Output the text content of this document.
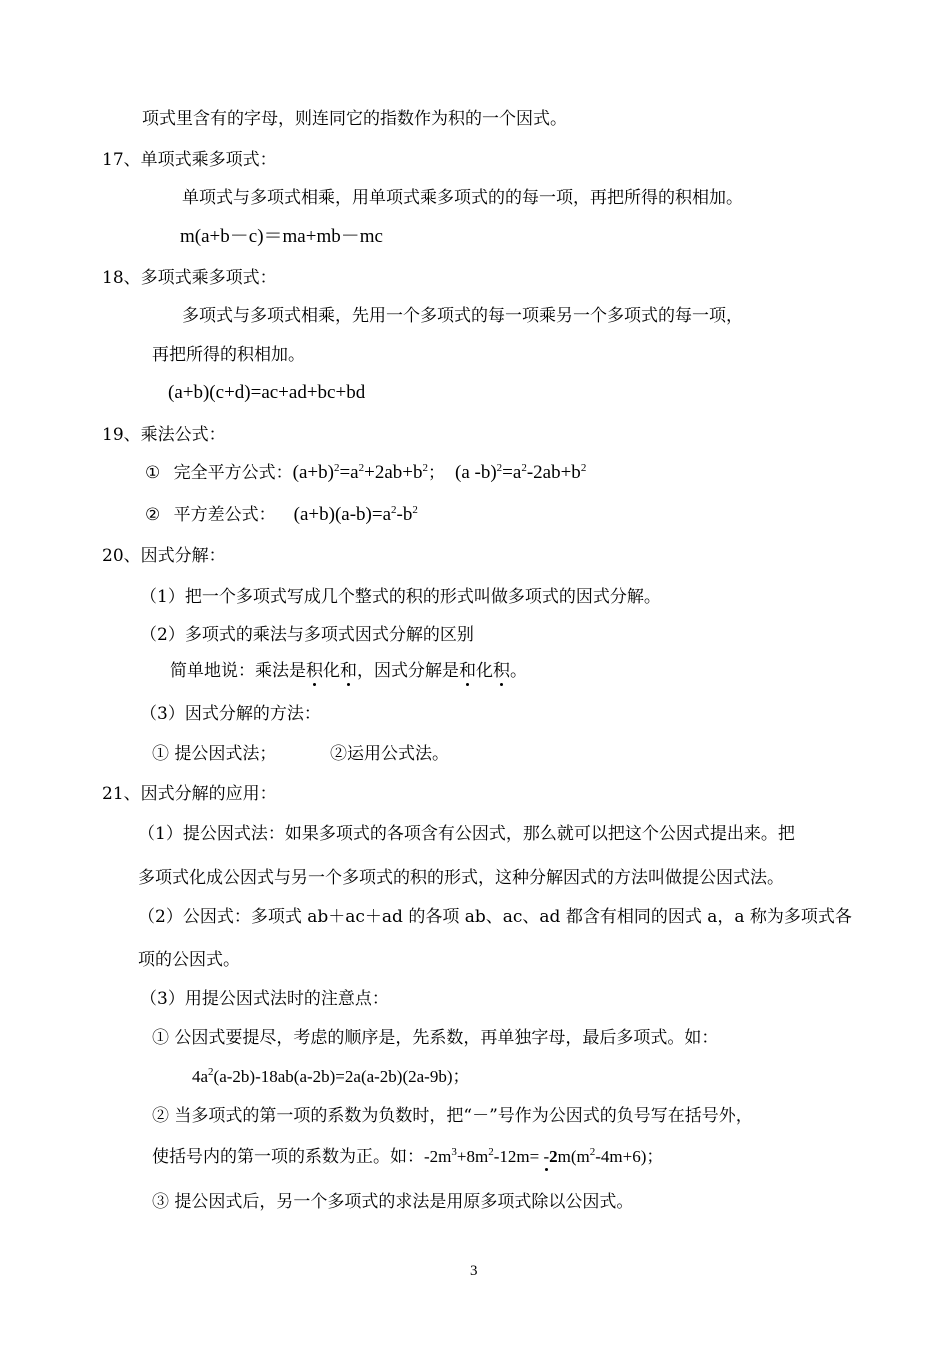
项式里含有的字母，则连同它的指数作为积的一个因式。
17、单项式乘多项式：
单项式与多项式相乘，用单项式乘多项式的的每一项，再把所得的积相加。
m(a+b－c)＝ma+mb－mc
18、多项式乘多项式：
多项式与多项式相乘，先用一个多项式的每一项乘另一个多项式的每一项，
再把所得的积相加。
(a+b)(c+d)=ac+ad+bc+bd
19、乘法公式：
① 完全平方公式：$(a+b)^2=a^2+2ab+b^2$； (a $-b)^2=a^2-2ab+b^2$
② 平方差公式： $(a+b)(a-b)=a^2-b^2$
20、因式分解：
（1）把一个多项式写成几个整式的积的形式叫做多项式的因式分解。
（2）多项式的乘法与多项式因式分解的区别
简单地说：乘法是积化和，因式分解是和化积。
（3）因式分解的方法：
① 提公因式法；	②运用公式法。
21、因式分解的应用：
（1）提公因式法：如果多项式的各项含有公因式，那么就可以把这个公因式提出来。把
多项式化成公因式与另一个多项式的积的形式，这种分解因式的方法叫做提公因式法。
（2）公因式：多项式 ab＋ac＋ad 的各项 ab、ac、ad 都含有相同的因式 a，a 称为多项式各
项的公因式。
（3）用提公因式法时的注意点：
① 公因式要提尽，考虑的顺序是，先系数，再单独字母，最后多项式。如：
$4a^2(a-2b)-18ab(a-2b)=2a(a-2b)(2a-9b)$；
② 当多项式的第一项的系数为负数时，把“－”号作为公因式的负号写在括号外，
使括号内的第一项的系数为正。如：$-2m^3+8m^2-12m= -2m(m^2-4m+6)$；
③ 提公因式后，另一个多项式的求法是用原多项式除以公因式。
3
